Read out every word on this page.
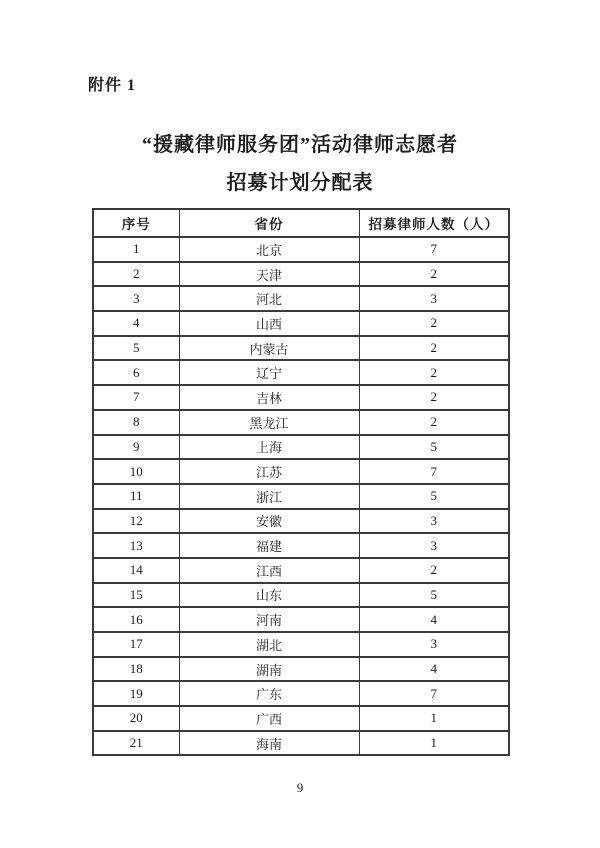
附件 1
“援藏律师服务团”活动律师志愿者
招募计划分配表
序号	省份	招募律师人数（人）
1	北京	7
2	天津	2
3	河北	3
4	山西	2
5	内蒙古	2
6	辽宁	2
7	吉林	2
8	黑龙江	2
9	上海	5
10	江苏	7
11	浙江	5
12	安徽	3
13	福建	3
14	江西	2
15	山东	5
16	河南	4
17	湖北	3
18	湖南	4
19	广东	7
20	广西	1
21	海南	1
9
